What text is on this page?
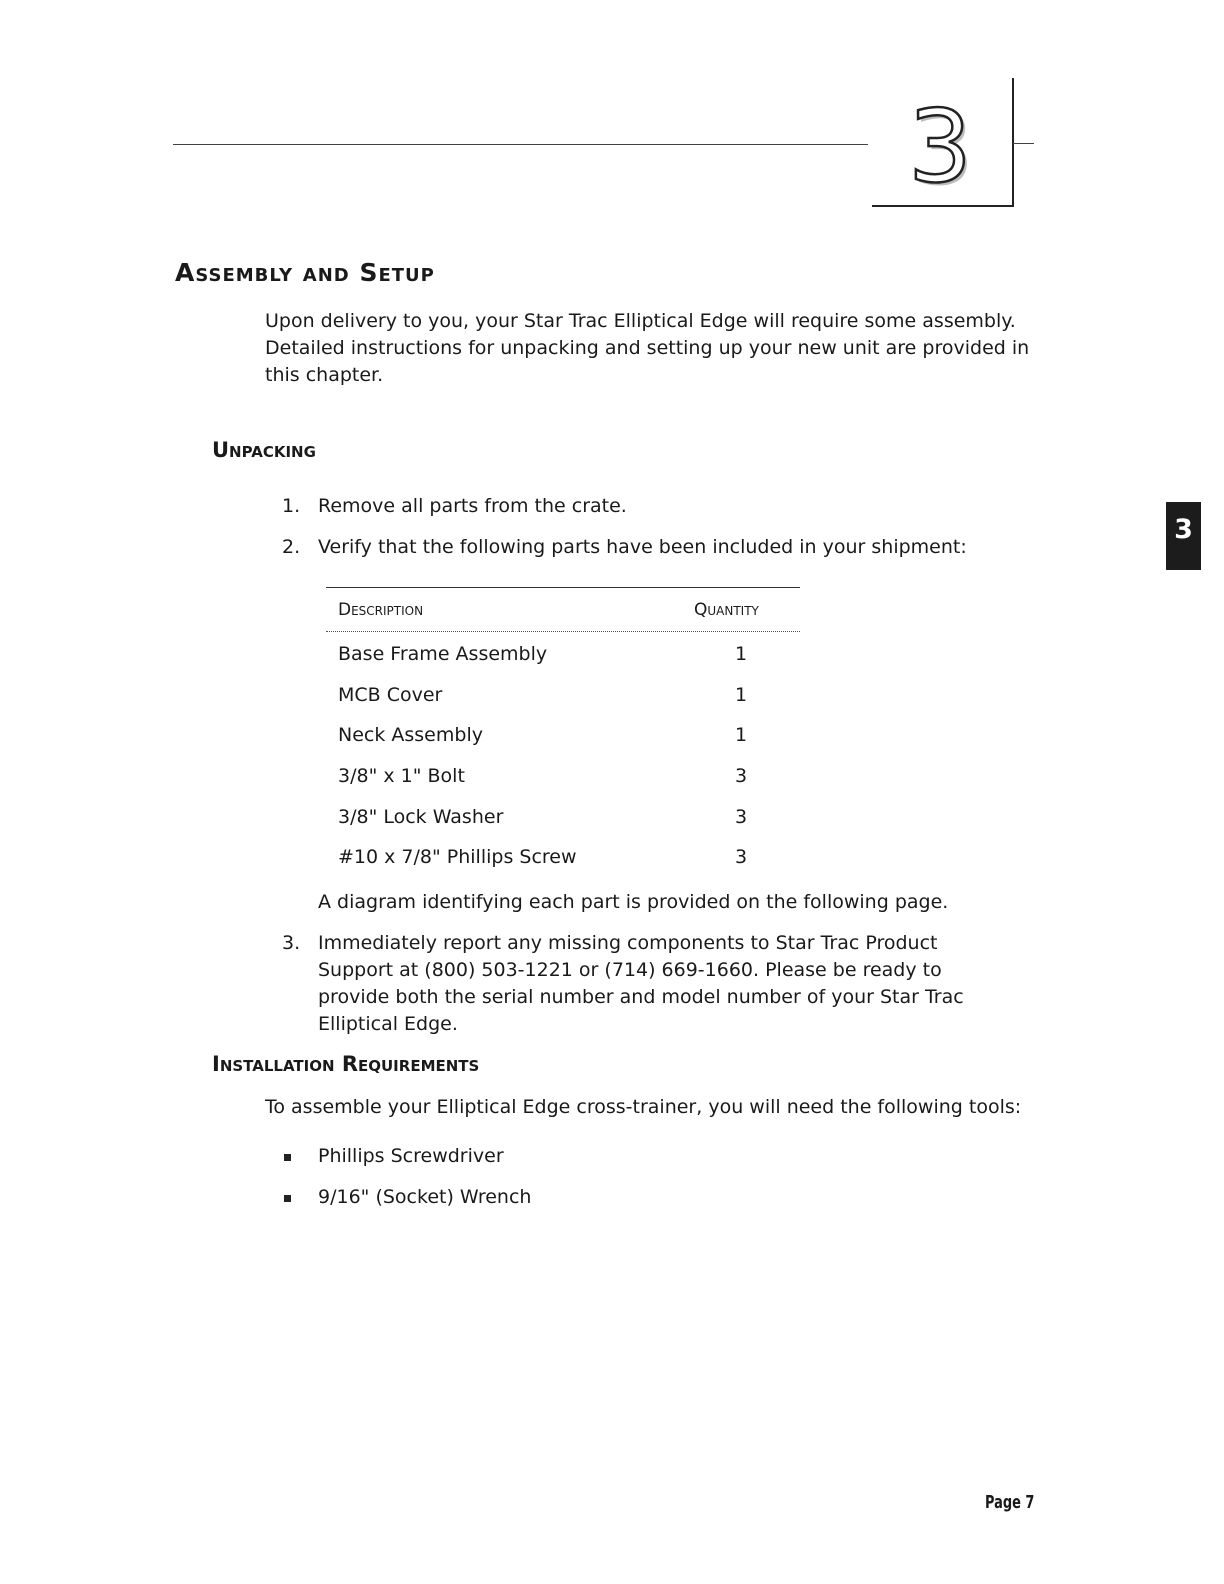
3
3
Assembly and Setup

Upon delivery to you, your Star Trac Elliptical Edge will require some assembly. Detailed instructions for unpacking and setting up your new unit are provided in this chapter.

Unpacking
1. Remove all parts from the crate.
2. Verify that the following parts have been included in your shipment:
Description	Quantity
Base Frame Assembly	1
MCB Cover	1
Neck Assembly	1
3/8" x 1" Bolt	3
3/8" Lock Washer	3
#10 x 7/8" Phillips Screw	3

A diagram identifying each part is provided on the following page.

3. Immediately report any missing components to Star Trac Product Support at (800) 503-1221 or (714) 669-1660. Please be ready to provide both the serial number and model number of your Star Trac Elliptical Edge.
Installation Requirements

To assemble your Elliptical Edge cross-trainer, you will need the following tools:

Phillips Screwdriver
9/16" (Socket) Wrench
Page 7
